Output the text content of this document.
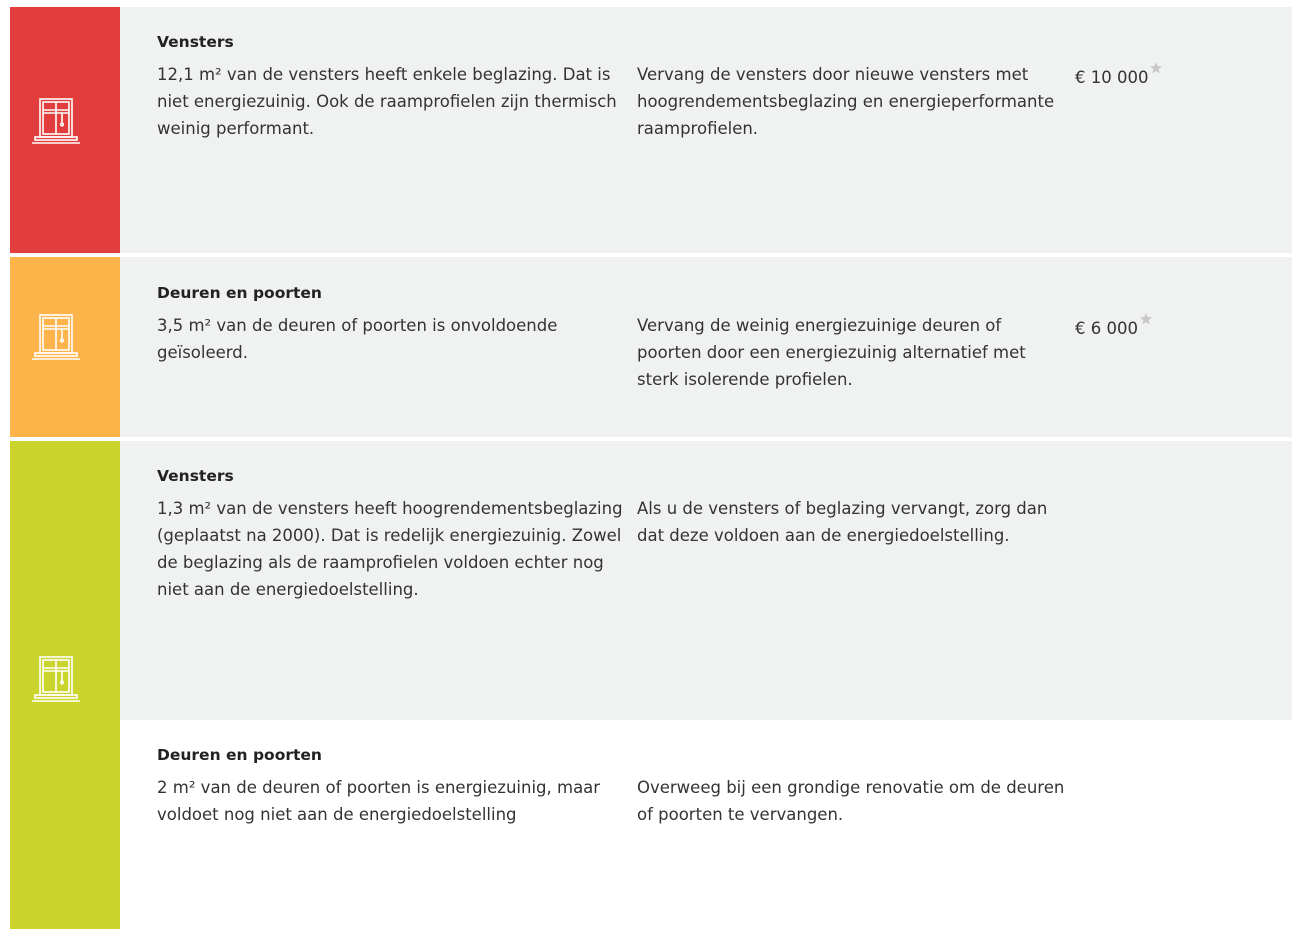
Vensters
12,1 m² van de vensters heeft enkele beglazing. Dat is niet energiezuinig. Ook de raamprofielen zijn thermisch weinig performant.
Vervang de vensters door nieuwe vensters met hoogrendementsbeglazing en energieperformante raamprofielen.
€ 10 000
Deuren en poorten
3,5 m² van de deuren of poorten is onvoldoende geïsoleerd.
Vervang de weinig energiezuinige deuren of poorten door een energiezuinig alternatief met sterk isolerende profielen.
€ 6 000
Vensters
1,3 m² van de vensters heeft hoogrendementsbeglazing (geplaatst na 2000). Dat is redelijk energiezuinig. Zowel de beglazing als de raamprofielen voldoen echter nog niet aan de energiedoelstelling.
Als u de vensters of beglazing vervangt, zorg dan dat deze voldoen aan de energiedoelstelling.
Deuren en poorten
2 m² van de deuren of poorten is energiezuinig, maar voldoet nog niet aan de energiedoelstelling
Overweeg bij een grondige renovatie om de deuren of poorten te vervangen.
